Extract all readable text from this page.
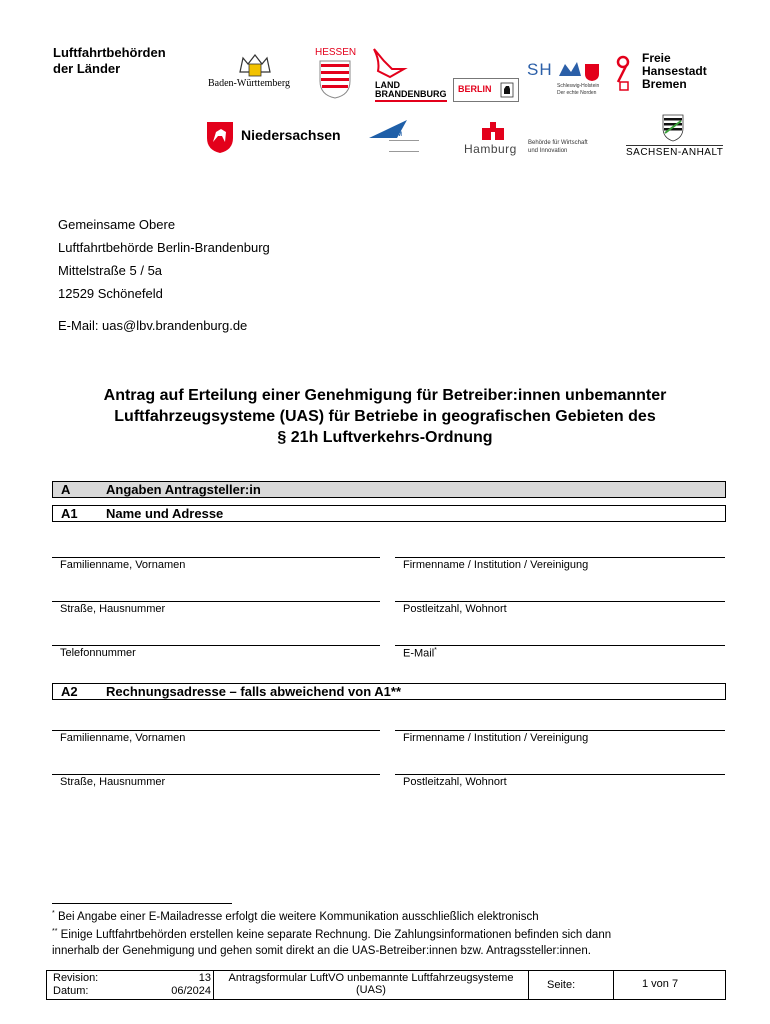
Luftfahrtbehörden
der Länder
Baden-Württemberg
HESSEN
LAND
BRANDENBURG BERLIN
SH
Schleswig-Holstein
Der echte Norden
Freie
Hansestadt
Bremen
Niedersachsen	LBM
Hamburg Behörde für Wirtschaft
und Innovation	SACHSEN-ANHALT
Gemeinsame Obere
Luftfahrtbehörde Berlin-Brandenburg
Mittelstraße 5 / 5a
12529 Schönefeld
E-Mail: uas@lbv.brandenburg.de
Antrag auf Erteilung einer Genehmigung für Betreiber:innen unbemannter
Luftfahrzeugsysteme (UAS) für Betriebe in geografischen Gebieten des
§ 21h Luftverkehrs-Ordnung
A	Angaben Antragsteller:in
A1 Name und Adresse
Familienname, Vornamen	Firmenname / Institution / Vereinigung
Straße, Hausnummer	Postleitzahl, Wohnort
Telefonnummer	E-Mail*
A2 Rechnungsadresse – falls abweichend von A1**
Familienname, Vornamen	Firmenname / Institution / Vereinigung
Straße, Hausnummer	Postleitzahl, Wohnort
* Bei Angabe einer E-Mailadresse erfolgt die weitere Kommunikation ausschließlich elektronisch
** Einige Luftfahrtbehörden erstellen keine separate Rechnung. Die Zahlungsinformationen befinden sich dann
innerhalb der Genehmigung und gehen somit direkt an die UAS-Betreiber:innen bzw. Antragssteller:innen.
Revision:	13
Datum:	06/2024
Antragsformular LuftVO unbemannte Luftfahrzeugsysteme
(UAS)	Seite:	1 von 7
